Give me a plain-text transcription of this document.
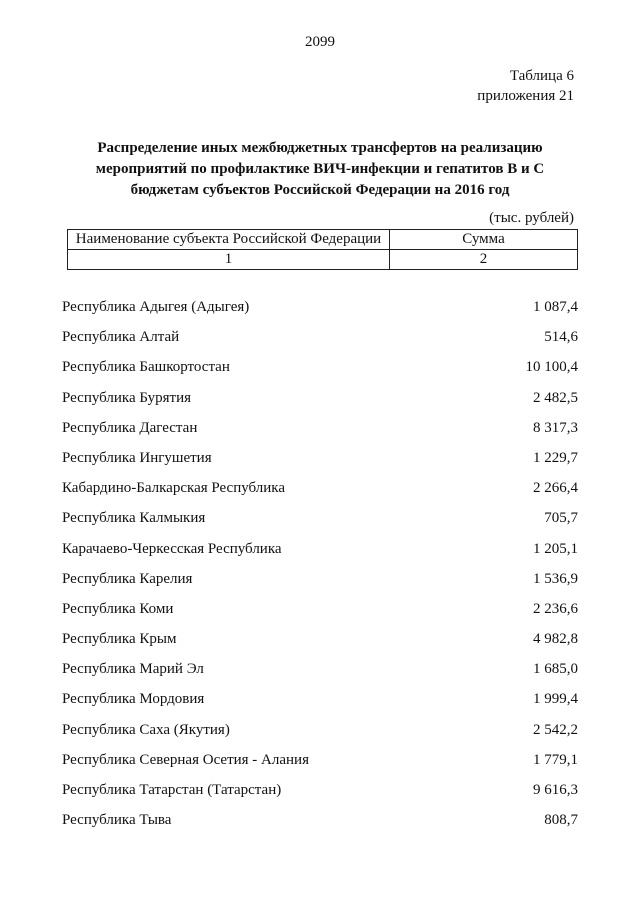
2099
Таблица 6
приложения 21

Распределение иных межбюджетных трансфертов на реализацию мероприятий по профилактике ВИЧ-инфекции и гепатитов В и С бюджетам субъектов Российской Федерации на 2016 год

(тыс. рублей)
Наименование субъекта Российской Федерации	Сумма
1	2
Республика Адыгея (Адыгея)	1 087,4
Республика Алтай	514,6
Республика Башкортостан	10 100,4
Республика Бурятия	2 482,5
Республика Дагестан	8 317,3
Республика Ингушетия	1 229,7
Кабардино-Балкарская Республика	2 266,4
Республика Калмыкия	705,7
Карачаево-Черкесская Республика	1 205,1
Республика Карелия	1 536,9
Республика Коми	2 236,6
Республика Крым	4 982,8
Республика Марий Эл	1 685,0
Республика Мордовия	1 999,4
Республика Саха (Якутия)	2 542,2
Республика Северная Осетия - Алания	1 779,1
Республика Татарстан (Татарстан)	9 616,3
Республика Тыва	808,7
